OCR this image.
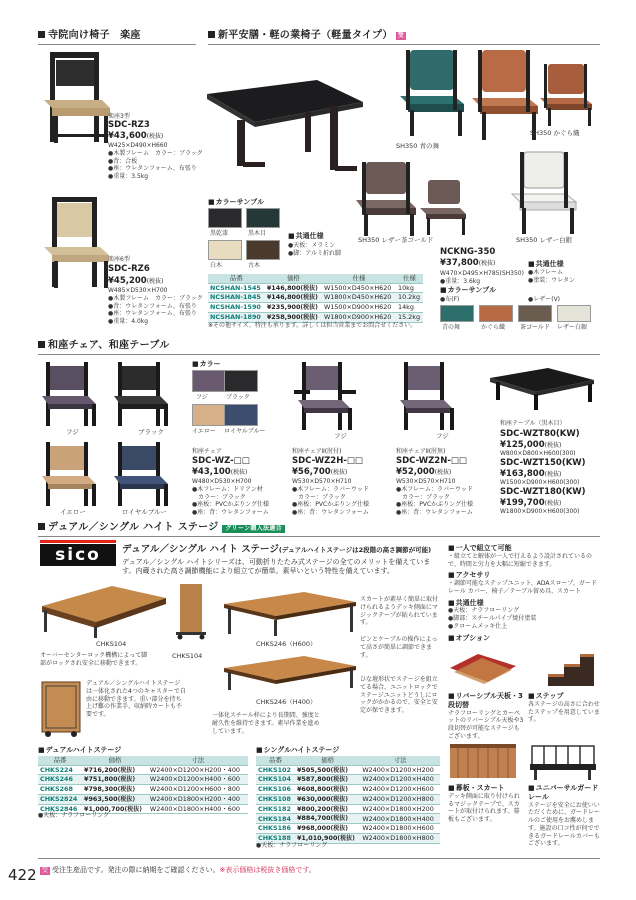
寺院向け椅子　楽座
楽座3型
SDC-RZ3
¥43,600(税抜)
W425×D490×H660
●木製フレーム　カラー：ブラック
●背：合板
●座：ウレタンフォーム、布張り
●重量：3.5kg
楽座6型
SDC-RZ6
¥45,200(税抜)
W485×D530×H700
●木製フレーム　カラー：ブラック
●背：ウレタンフォーム、布張り
●座：ウレタンフォーム、布張り
●重量：4.0kg
新平安膳・軽の業椅子（軽量タイプ） 受
SH350 青の舞
SH350 かぐら織
SH350 レザー茶ゴールド	SH350 レザー白銀
■ カラーサンプル
黒乾漆	黒木目
白木	古木
■ 共通仕様
●天板：メラミン
●脚：アルミ折れ脚
品番	価格	仕様	仕様
NCSHAN-1545	¥146,800(税抜)	W1500×D450×H620	10kg
NCSHAN-1845	¥146,800(税抜)	W1800×D450×H620	10.2kg
NCSHAN-1590	¥235,900(税抜)	W1500×D900×H620	14kg
NCSHAN-1890	¥258,900(税抜)	W1800×D900×H620	15.2kg
※その他サイズ、特注も承ります。詳しくは担当営業までお問合せください。
NCKNG-350
¥37,800(税抜)
W470×D495×H785(SH350)
●重量：3.6kg
■ カラーサンプル
●布(F)	●レザー(V)
青の舞	かぐら織 茶ゴールド レザー白銀
■ 共通仕様
●木フレーム
●塗装：ウレタン
和座チェア、和座テーブル
フジ	ブラック
イエロー	ロイヤルブルー
■ カラー
フジ	ブラック
イエロー ロイヤルブルー
フジ	フジ
和座チェア
SDC-WZ-□□
¥43,100(税抜)
W480×D530×H700
●木フレーム：ドリアン材
　カラー：ブラック
●座板：PVCかぶりング仕様
●座：背：ウレタンフォーム
和座チェアⅡ(肘付)
SDC-WZ2H-□□
¥56,700(税抜)
W530×D570×H710
●木フレーム：ラバーウッド
　カラー：ブラック
●座板：PVCかぶりング仕様
●座：背：ウレタンフォーム
和座チェアⅡ(肘無)
SDC-WZ2N-□□
¥52,000(税抜)
W530×D570×H710
●木フレーム：ラバーウッド
　カラー：ブラック
●座板：PVCかぶりング仕様
●座：背：ウレタンフォーム
和座テーブル（黒木目）
SDC-WZT80(KW)
¥125,000(税抜)
W800×D800×H600(300)
SDC-WZT150(KW)
¥163,800(税抜)
W1500×D900×H600(300)
SDC-WZT180(KW)
¥199,700(税抜)
W1800×D900×H600(300)
デュアル／シングル ハイト ステージ グリーン購入法適合
sico	デュアル／シングル ハイト ステージ(デュアルハイトステージは2段階の高さ調節が可能)
デュアル／シングル ハイトシリーズは、可動折りたたみ式ステージの全てのメリットを備えています。内蔵された高さ調節機能により組立てが簡単。素早いという特性を備えています。
CHKS104
CHKS104
オーバーセンターロック機構によって脚部がロックされ安全に移動できます。
デュアル／シングルハイトステージは一体化された4つのキャスターで自由に移動できます。重い部分を持ち上げ難の作業手、収納時カートも不要です。
CHKS246（H600）
CHKS246（H400）
一体化スチール枠により長期間、強度と耐久性を維持できます。素早作業を進めしています。
スカートが素早く簡単に取付けられるようデッキ側面にマジックテープが貼られています。
ピンとケーブルの操作によって高さが簡単に調節できます。
ひな壇形状でステージを組立てる場合、ユニットロックでステージユニットどうしにロックがかかるので、安全と安定が保できます。
■ デュアルハイトステージ
品番	価格	寸法
CHKS224	¥716,200(税抜)	W2400×D1200×H200・400
CHKS246	¥751,800(税抜)	W2400×D1200×H400・600
CHKS268	¥798,300(税抜)	W2400×D1200×H600・800
CHKS2824	¥963,500(税抜)	W2400×D1800×H200・400
CHKS2846	¥1,000,700(税抜)	W2400×D1800×H400・600
●天板：ナラフローリング
■ シングルハイトステージ
品番	価格	寸法
CHKS102	¥505,500(税抜)	W2400×D1200×H200
CHKS104	¥587,800(税抜)	W2400×D1200×H400
CHKS106	¥608,800(税抜)	W2400×D1200×H600
CHKS108	¥630,000(税抜)	W2400×D1200×H800
CHKS182	¥800,200(税抜)	W2400×D1800×H200
CHKS184	¥884,700(税抜)	W2400×D1800×H400
CHKS186	¥968,000(税抜)	W2400×D1800×H600
CHKS188	¥1,010,900(税抜)	W2400×D1800×H800
●天板：ナラフローリング
■ 一人で組立て可能
・組立てと解体が一人で行えるよう設計されているので、時間と労力を大幅に短縮できます。
■ アクセサリ
・調節可能なステップユニット、ADAスロープ、ガードレール カバー、椅子／テーブル留め具、スカート
■ 共通仕様
●天板：ナラフローリング
●脚部：スチールパイプ焼付塗装
●クロームメッキ仕上
■ オプション
■ リバーシブル天板・3段切替
ナラフローリングとカーペットのリバーシブル天板や3段切替が可能なステージもございます。
■ ステップ
各ステージの高さに合わせたステップを用意しています。
■ 幕板・スカート
デッキ側面に取り付けられるマジックテープで、スカートが取付けられます。幕板もございます。
■ ユニバーサルガードレール
ステージを安全にお使いいただくために、ガードレールのご使用をお薦めします。施設の口コ性が何でできるガードレールカバーもございます。
422 受 受注生産品です。発注の際に納期をご確認ください。※表示価格は税抜き価格です。
